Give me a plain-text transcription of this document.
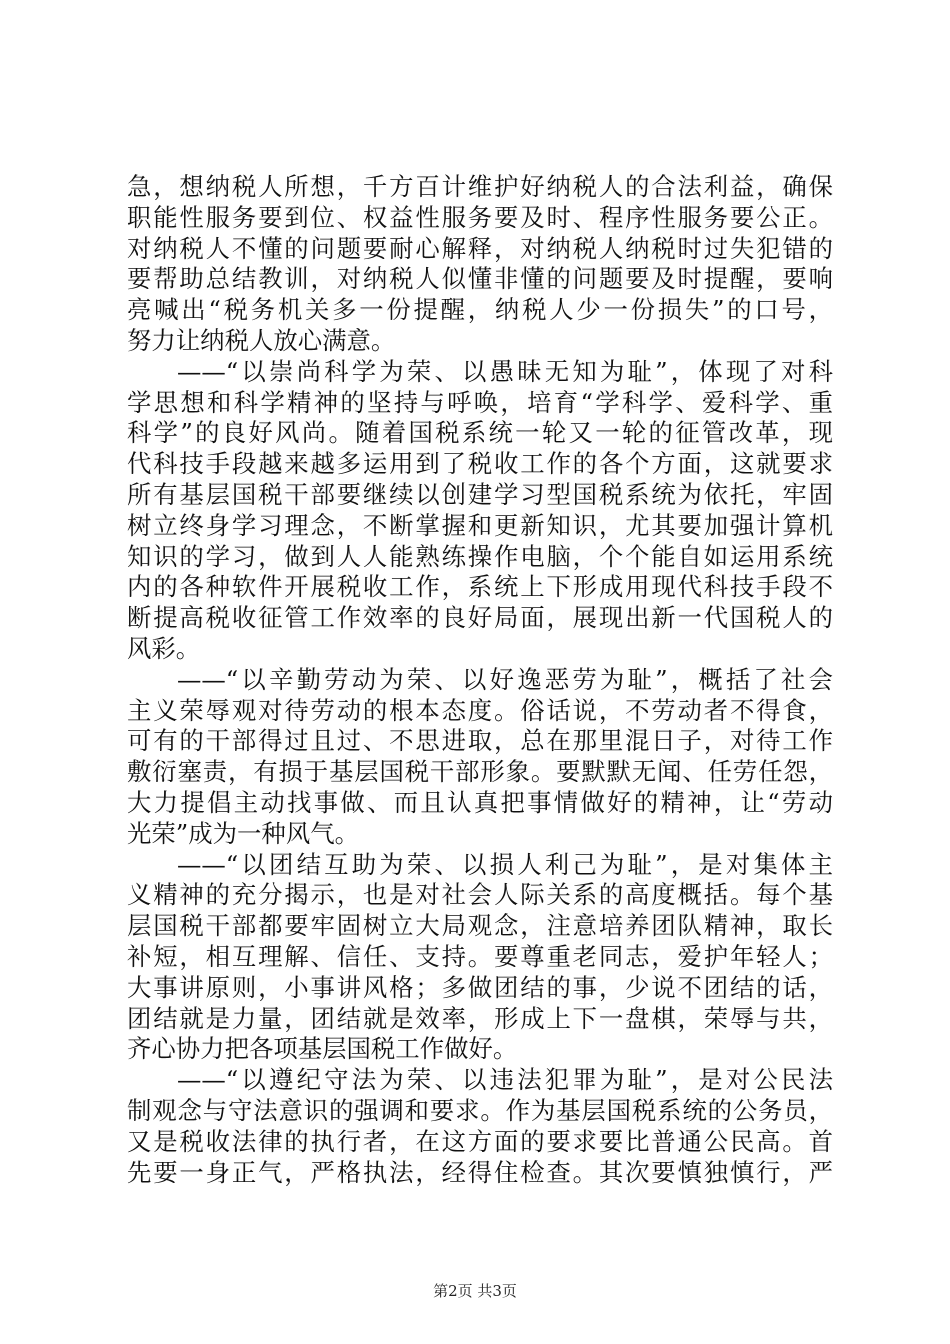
急，想纳税人所想，千方百计维护好纳税人的合法利益，确保
职能性服务要到位、权益性服务要及时、程序性服务要公正。
对纳税人不懂的问题要耐心解释，对纳税人纳税时过失犯错的
要帮助总结教训，对纳税人似懂非懂的问题要及时提醒，要响
亮喊出“税务机关多一份提醒，纳税人少一份损失”的口号，
努力让纳税人放心满意。
——“以崇尚科学为荣、以愚昧无知为耻”，体现了对科
学思想和科学精神的坚持与呼唤，培育“学科学、爱科学、重
科学”的良好风尚。随着国税系统一轮又一轮的征管改革，现
代科技手段越来越多运用到了税收工作的各个方面，这就要求
所有基层国税干部要继续以创建学习型国税系统为依托，牢固
树立终身学习理念，不断掌握和更新知识，尤其要加强计算机
知识的学习，做到人人能熟练操作电脑，个个能自如运用系统
内的各种软件开展税收工作，系统上下形成用现代科技手段不
断提高税收征管工作效率的良好局面，展现出新一代国税人的
风彩。
——“以辛勤劳动为荣、以好逸恶劳为耻”，概括了社会
主义荣辱观对待劳动的根本态度。俗话说，不劳动者不得食，
可有的干部得过且过、不思进取，总在那里混日子，对待工作
敷衍塞责，有损于基层国税干部形象。要默默无闻、任劳任怨，
大力提倡主动找事做、而且认真把事情做好的精神，让“劳动
光荣”成为一种风气。
——“以团结互助为荣、以损人利己为耻”，是对集体主
义精神的充分揭示，也是对社会人际关系的高度概括。每个基
层国税干部都要牢固树立大局观念，注意培养团队精神，取长
补短，相互理解、信任、支持。要尊重老同志，爱护年轻人；
大事讲原则，小事讲风格；多做团结的事，少说不团结的话，
团结就是力量，团结就是效率，形成上下一盘棋，荣辱与共，
齐心协力把各项基层国税工作做好。
——“以遵纪守法为荣、以违法犯罪为耻”，是对公民法
制观念与守法意识的强调和要求。作为基层国税系统的公务员，
又是税收法律的执行者，在这方面的要求要比普通公民高。首
先要一身正气，严格执法，经得住检查。其次要慎独慎行，严
第2页 共3页
